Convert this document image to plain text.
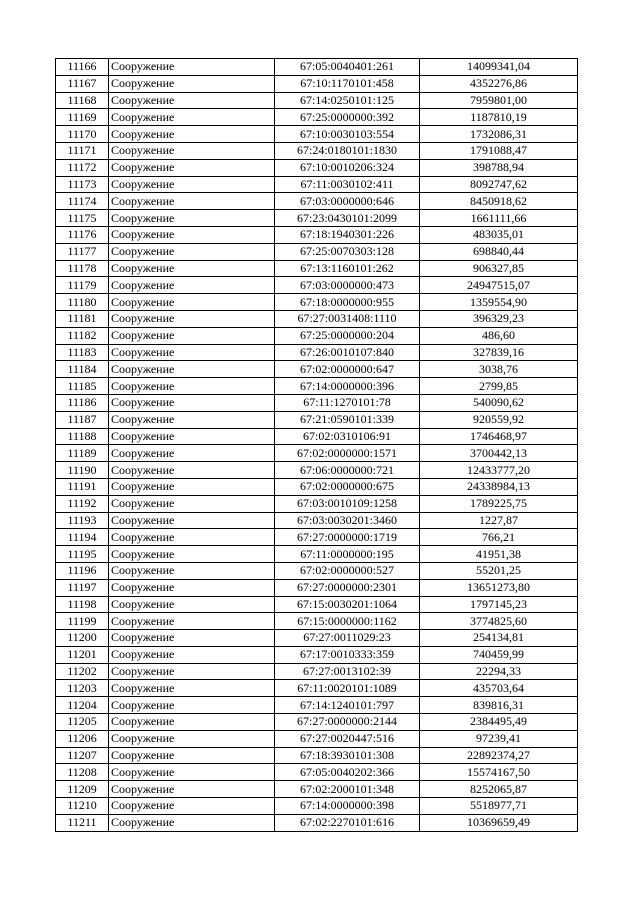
11166	Сооружение	67:05:0040401:261	14099341,04
11167	Сооружение	67:10:1170101:458	4352276,86
11168	Сооружение	67:14:0250101:125	7959801,00
11169	Сооружение	67:25:0000000:392	1187810,19
11170	Сооружение	67:10:0030103:554	1732086,31
11171	Сооружение	67:24:0180101:1830	1791088,47
11172	Сооружение	67:10:0010206:324	398788,94
11173	Сооружение	67:11:0030102:411	8092747,62
11174	Сооружение	67:03:0000000:646	8450918,62
11175	Сооружение	67:23:0430101:2099	1661111,66
11176	Сооружение	67:18:1940301:226	483035,01
11177	Сооружение	67:25:0070303:128	698840,44
11178	Сооружение	67:13:1160101:262	906327,85
11179	Сооружение	67:03:0000000:473	24947515,07
11180	Сооружение	67:18:0000000:955	1359554,90
11181	Сооружение	67:27:0031408:1110	396329,23
11182	Сооружение	67:25:0000000:204	486,60
11183	Сооружение	67:26:0010107:840	327839,16
11184	Сооружение	67:02:0000000:647	3038,76
11185	Сооружение	67:14:0000000:396	2799,85
11186	Сооружение	67:11:1270101:78	540090,62
11187	Сооружение	67:21:0590101:339	920559,92
11188	Сооружение	67:02:0310106:91	1746468,97
11189	Сооружение	67:02:0000000:1571	3700442,13
11190	Сооружение	67:06:0000000:721	12433777,20
11191	Сооружение	67:02:0000000:675	24338984,13
11192	Сооружение	67:03:0010109:1258	1789225,75
11193	Сооружение	67:03:0030201:3460	1227,87
11194	Сооружение	67:27:0000000:1719	766,21
11195	Сооружение	67:11:0000000:195	41951,38
11196	Сооружение	67:02:0000000:527	55201,25
11197	Сооружение	67:27:0000000:2301	13651273,80
11198	Сооружение	67:15:0030201:1064	1797145,23
11199	Сооружение	67:15:0000000:1162	3774825,60
11200	Сооружение	67:27:0011029:23	254134,81
11201	Сооружение	67:17:0010333:359	740459,99
11202	Сооружение	67:27:0013102:39	22294,33
11203	Сооружение	67:11:0020101:1089	435703,64
11204	Сооружение	67:14:1240101:797	839816,31
11205	Сооружение	67:27:0000000:2144	2384495,49
11206	Сооружение	67:27:0020447:516	97239,41
11207	Сооружение	67:18:3930101:308	22892374,27
11208	Сооружение	67:05:0040202:366	15574167,50
11209	Сооружение	67:02:2000101:348	8252065,87
11210	Сооружение	67:14:0000000:398	5518977,71
11211	Сооружение	67:02:2270101:616	10369659,49
